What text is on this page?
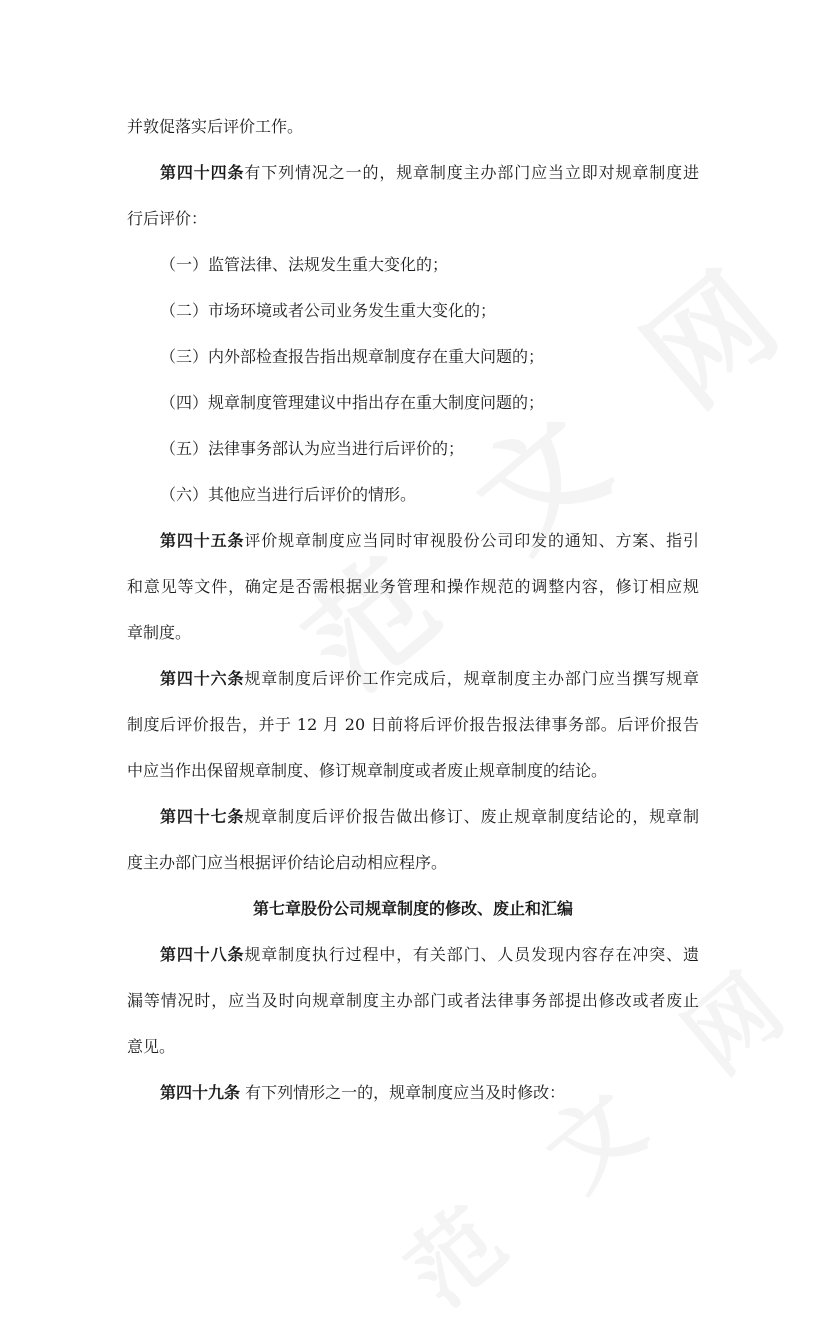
并敦促落实后评价工作。
第四十四条有下列情况之一的，规章制度主办部门应当立即对规章制度进
行后评价：
（一）监管法律、法规发生重大变化的；
（二）市场环境或者公司业务发生重大变化的；
（三）内外部检查报告指出规章制度存在重大问题的；
（四）规章制度管理建议中指出存在重大制度问题的；
（五）法律事务部认为应当进行后评价的；
（六）其他应当进行后评价的情形。
第四十五条评价规章制度应当同时审视股份公司印发的通知、方案、指引
和意见等文件，确定是否需根据业务管理和操作规范的调整内容，修订相应规
章制度。
第四十六条规章制度后评价工作完成后，规章制度主办部门应当撰写规章
制度后评价报告，并于 12 月 20 日前将后评价报告报法律事务部。后评价报告
中应当作出保留规章制度、修订规章制度或者废止规章制度的结论。
第四十七条规章制度后评价报告做出修订、废止规章制度结论的，规章制
度主办部门应当根据评价结论启动相应程序。
第七章股份公司规章制度的修改、废止和汇编
第四十八条规章制度执行过程中，有关部门、人员发现内容存在冲突、遗
漏等情况时，应当及时向规章制度主办部门或者法律事务部提出修改或者废止
意见。
第四十九条 有下列情形之一的，规章制度应当及时修改：
